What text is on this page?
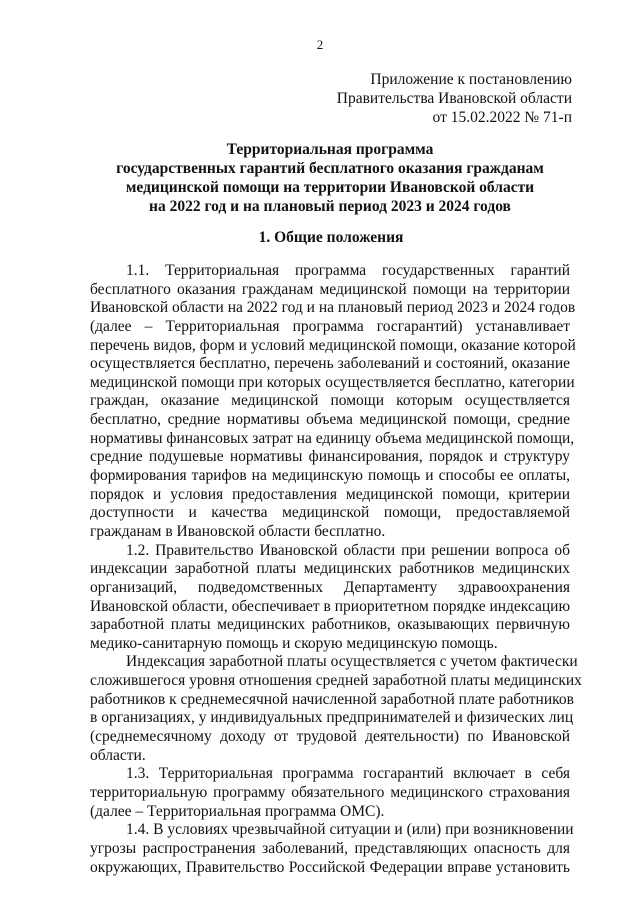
2
Приложение к постановлению
Правительства Ивановской области
от 15.02.2022 № 71-п
Территориальная программа
государственных гарантий бесплатного оказания гражданам
медицинской помощи на территории Ивановской области
на 2022 год и на плановый период 2023 и 2024 годов
1. Общие положения
1.1. Территориальная программа государственных гарантий
бесплатного оказания гражданам медицинской помощи на территории
Ивановской области на 2022 год и на плановый период 2023 и 2024 годов
(далее – Территориальная программа госгарантий) устанавливает
перечень видов, форм и условий медицинской помощи, оказание которой
осуществляется бесплатно, перечень заболеваний и состояний, оказание
медицинской помощи при которых осуществляется бесплатно, категории
граждан, оказание медицинской помощи которым осуществляется
бесплатно, средние нормативы объема медицинской помощи, средние
нормативы финансовых затрат на единицу объема медицинской помощи,
средние подушевые нормативы финансирования, порядок и структуру
формирования тарифов на медицинскую помощь и способы ее оплаты,
порядок и условия предоставления медицинской помощи, критерии
доступности и качества медицинской помощи, предоставляемой
гражданам в Ивановской области бесплатно.
1.2. Правительство Ивановской области при решении вопроса об
индексации заработной платы медицинских работников медицинских
организаций, подведомственных Департаменту здравоохранения
Ивановской области, обеспечивает в приоритетном порядке индексацию
заработной платы медицинских работников, оказывающих первичную
медико-санитарную помощь и скорую медицинскую помощь.
Индексация заработной платы осуществляется с учетом фактически
сложившегося уровня отношения средней заработной платы медицинских
работников к среднемесячной начисленной заработной плате работников
в организациях, у индивидуальных предпринимателей и физических лиц
(среднемесячному доходу от трудовой деятельности) по Ивановской
области.
1.3. Территориальная программа госгарантий включает в себя
территориальную программу обязательного медицинского страхования
(далее – Территориальная программа ОМС).
1.4. В условиях чрезвычайной ситуации и (или) при возникновении
угрозы распространения заболеваний, представляющих опасность для
окружающих, Правительство Российской Федерации вправе установить
